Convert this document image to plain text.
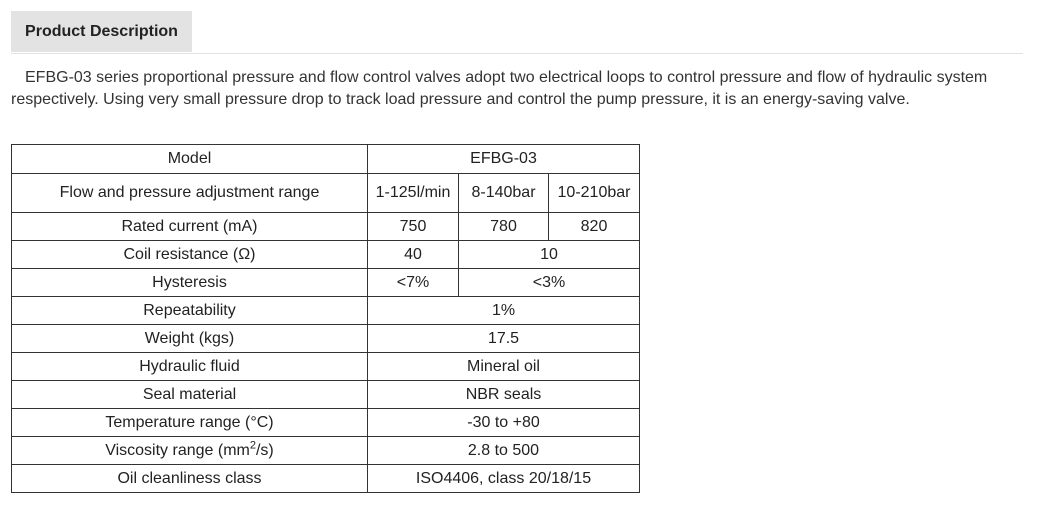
Product Description

EFBG-03 series proportional pressure and flow control valves adopt two electrical loops to control pressure and flow of hydraulic system respectively. Using very small pressure drop to track load pressure and control the pump pressure, it is an energy-saving valve.

Model	EFBG-03		
Flow and pressure adjustment range	1-125l/min	8-140bar	10-210bar
Rated current (mA)	750	780	820
Coil resistance (Ω)	40	10	
Hysteresis	<7%	<3%	
Repeatability	1%		
Weight (kgs)	17.5		
Hydraulic fluid	Mineral oil		
Seal material	NBR seals		
Temperature range (°C)	-30 to +80		
Viscosity range $(mm^2/s)$	2.8 to 500		
Oil cleanliness class	ISO4406, class 20/18/15		
